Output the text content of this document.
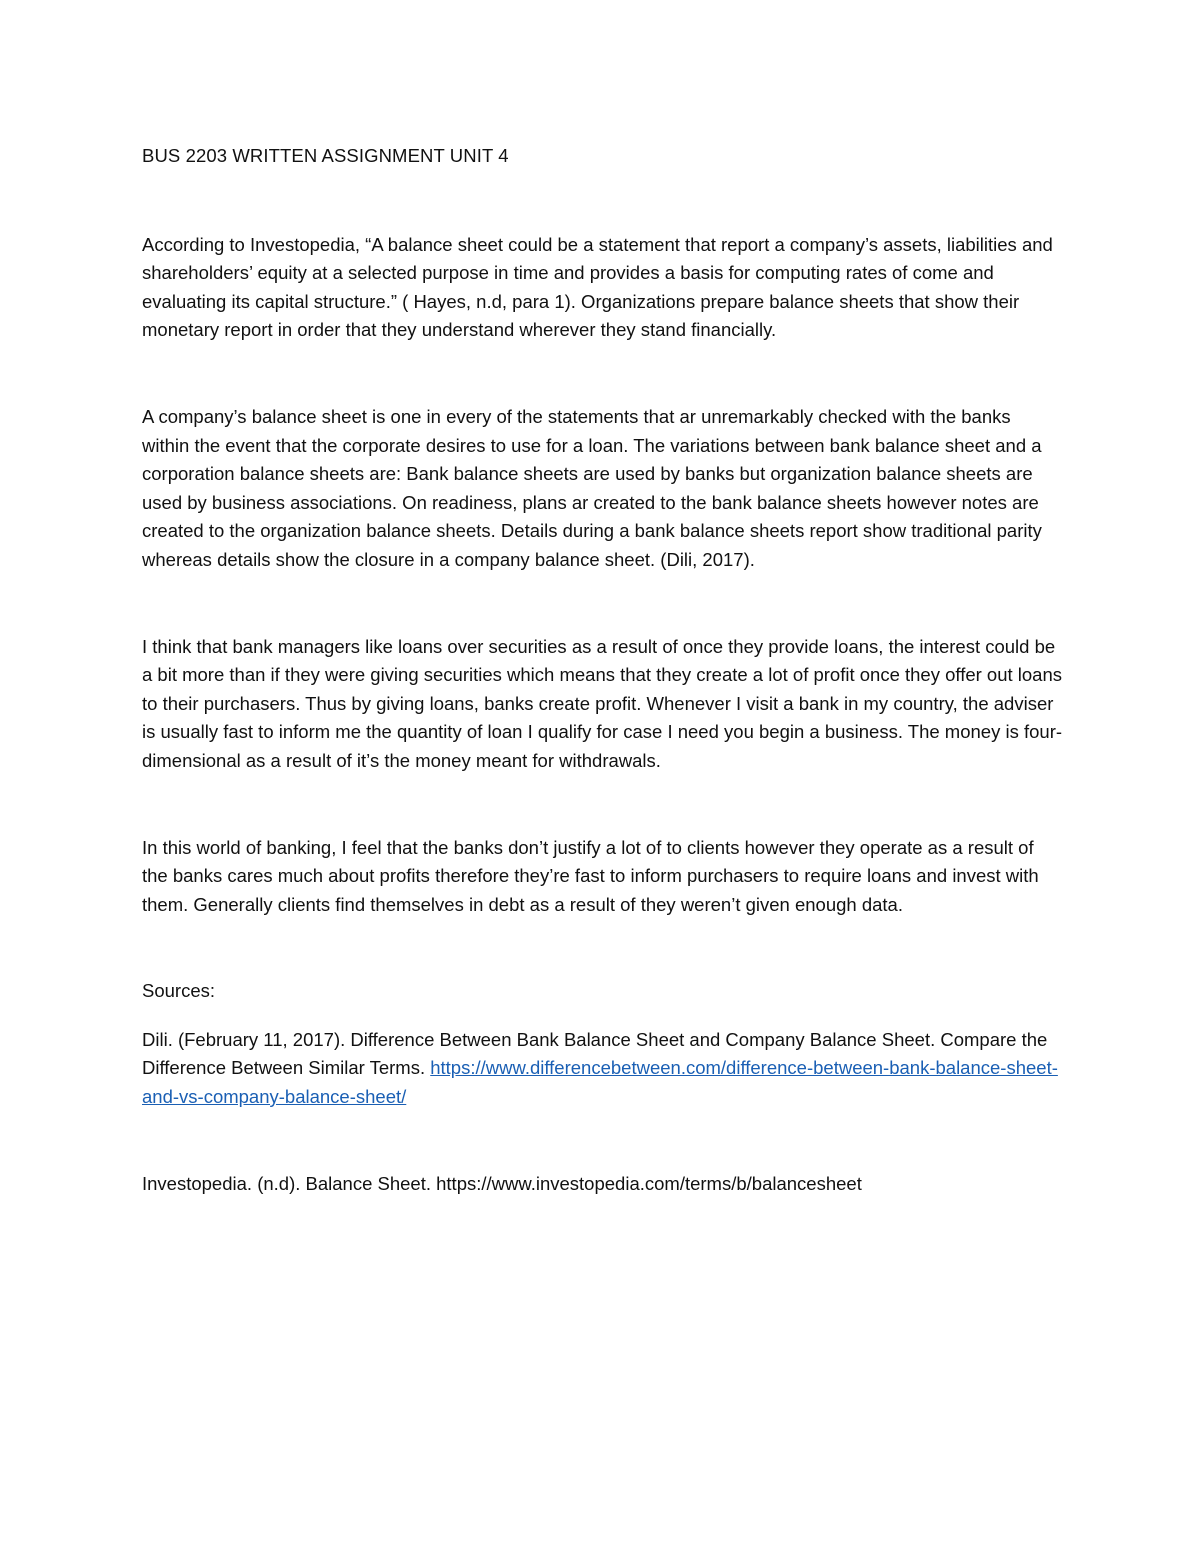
BUS 2203 WRITTEN ASSIGNMENT UNIT 4

According to Investopedia, “A balance sheet could be a statement that report a company’s assets, liabilities and shareholders’ equity at a selected purpose in time and provides a basis for computing rates of come and evaluating its capital structure.” ( Hayes, n.d, para 1). Organizations prepare balance sheets that show their monetary report in order that they understand wherever they stand financially.

A company’s balance sheet is one in every of the statements that ar unremarkably checked with the banks within the event that the corporate desires to use for a loan. The variations between bank balance sheet and a corporation balance sheets are: Bank balance sheets are used by banks but organization balance sheets are used by business associations. On readiness, plans ar created to the bank balance sheets however notes are created to the organization balance sheets. Details during a bank balance sheets report show traditional parity whereas details show the closure in a company balance sheet. (Dili, 2017).

I think that bank managers like loans over securities as a result of once they provide loans, the interest could be a bit more than if they were giving securities which means that they create a lot of profit once they offer out loans to their purchasers. Thus by giving loans, banks create profit. Whenever I visit a bank in my country, the adviser is usually fast to inform me the quantity of loan I qualify for case I need you begin a business. The money is four-dimensional as a result of it’s the money meant for withdrawals.

In this world of banking, I feel that the banks don’t justify a lot of to clients however they operate as a result of the banks cares much about profits therefore they’re fast to inform purchasers to require loans and invest with them. Generally clients find themselves in debt as a result of they weren’t given enough data.

Sources:

Dili. (February 11, 2017). Difference Between Bank Balance Sheet and Company Balance Sheet. Compare the Difference Between Similar Terms. https://www.differencebetween.com/difference-between-bank-balance-sheet-and-vs-company-balance-sheet/

Investopedia. (n.d). Balance Sheet. https://www.investopedia.com/terms/b/balancesheet
